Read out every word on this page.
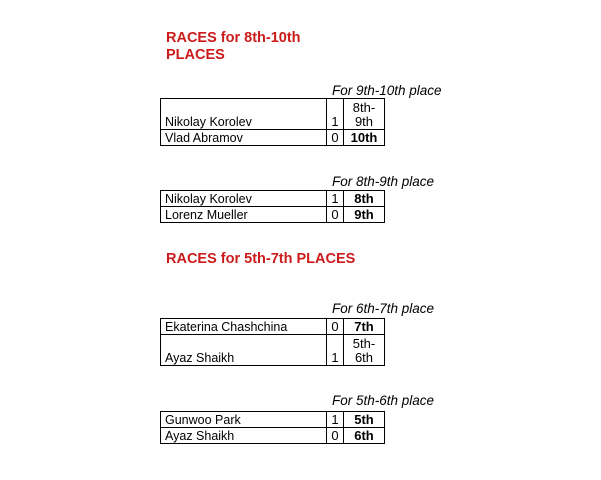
RACES for 8th-10th PLACES
For 9th-10th place
Nikolay Korolev	1	8th-9th
Vlad Abramov	0	10th
For 8th-9th place
Nikolay Korolev	1	8th
Lorenz Mueller	0	9th
RACES for 5th-7th PLACES
For 6th-7th place
Ekaterina Chashchina	0	7th
Ayaz Shaikh	1	5th-6th
For 5th-6th place
Gunwoo Park	1	5th
Ayaz Shaikh	0	6th
